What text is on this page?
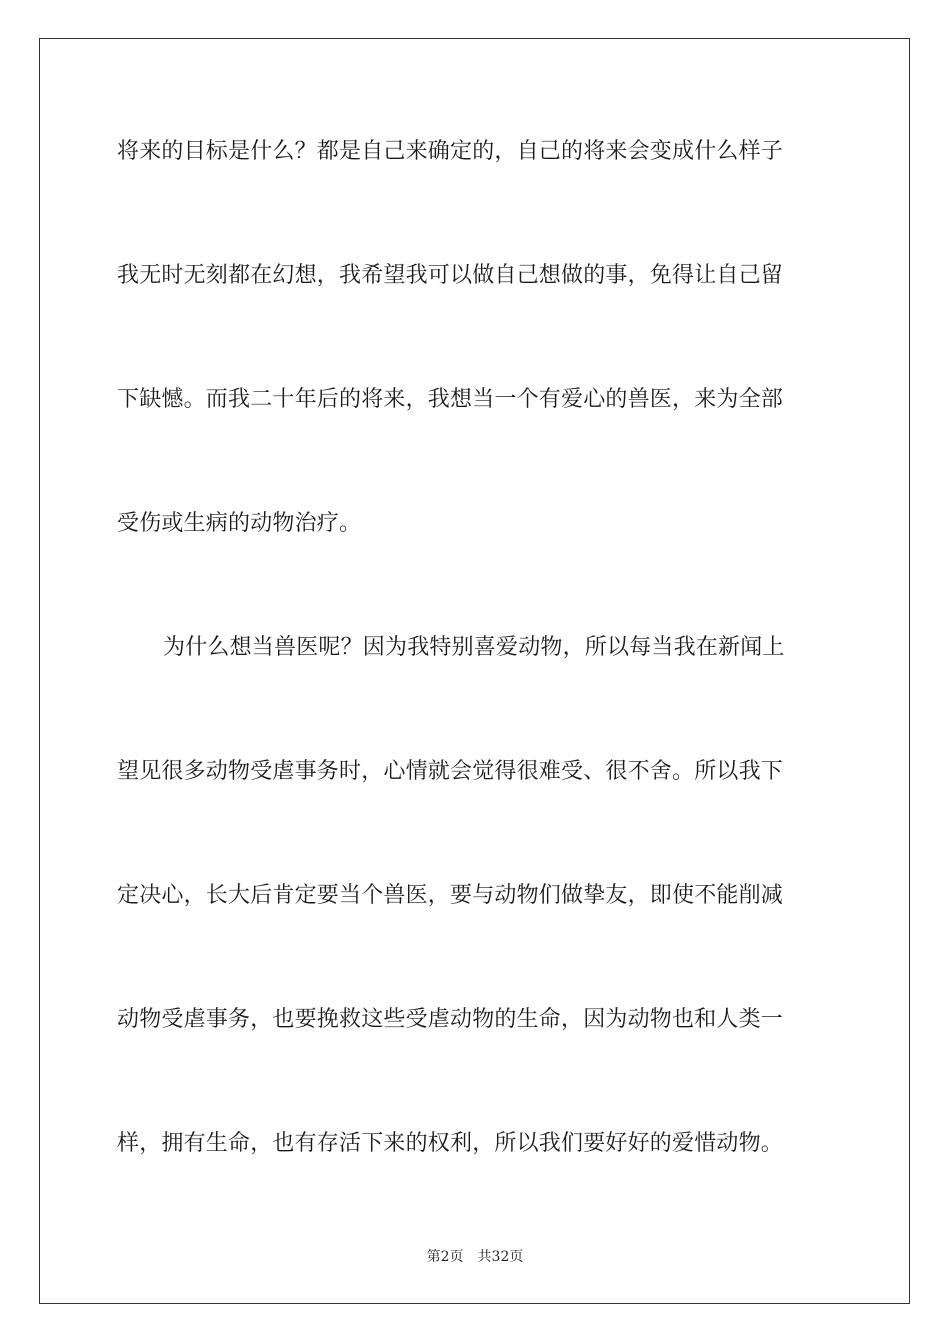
将来的目标是什么？都是自己来确定的，自己的将来会变成什么样子
我无时无刻都在幻想，我希望我可以做自己想做的事，免得让自己留
下缺憾。而我二十年后的将来，我想当一个有爱心的兽医，来为全部
受伤或生病的动物治疗。
为什么想当兽医呢？因为我特别喜爱动物，所以每当我在新闻上
望见很多动物受虐事务时，心情就会觉得很难受、很不舍。所以我下
定决心，长大后肯定要当个兽医，要与动物们做挚友，即使不能削减
动物受虐事务，也要挽救这些受虐动物的生命，因为动物也和人类一
样，拥有生命，也有存活下来的权利，所以我们要好好的爱惜动物。
第2页 共32页
